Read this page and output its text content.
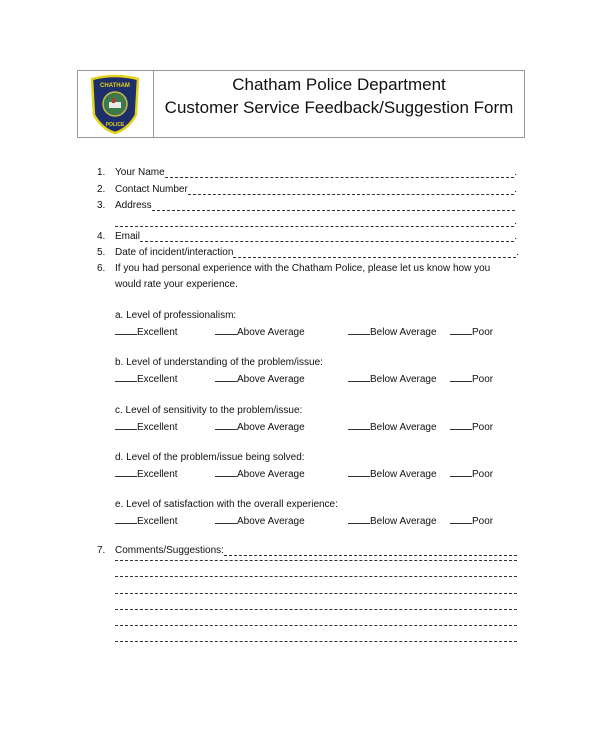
CHATHAM
POLICE
Chatham Police Department
Customer Service Feedback/Suggestion Form
1. Your Name	.
2. Contact Number	.
3. Address
.
4. Email	.
5. Date of incident/interaction	.
6. If you had personal experience with the Chatham Police, please let us know how you
would rate your experience.
a. Level of professionalism:
Excellent	Above Average	Below Average	Poor
b. Level of understanding of the problem/issue:
Excellent	Above Average	Below Average	Poor
c. Level of sensitivity to the problem/issue:
Excellent	Above Average	Below Average	Poor
d. Level of the problem/issue being solved:
Excellent	Above Average	Below Average	Poor
e. Level of satisfaction with the overall experience:
Excellent	Above Average	Below Average	Poor
7. Comments/Suggestions:
